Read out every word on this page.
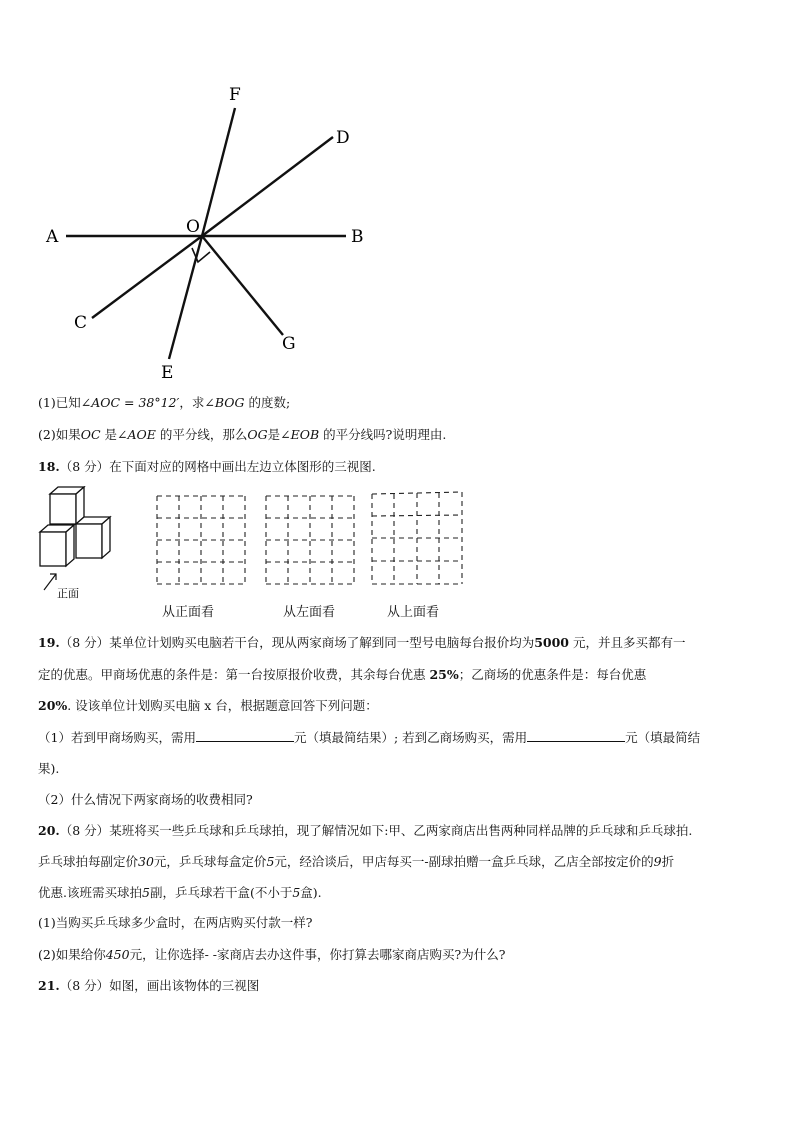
F
D
A	O	B
C
G
E
(1)已知∠AOC = 38°12′，求∠BOG 的度数;
(2)如果OC 是∠AOE 的平分线，那么OG是∠EOB 的平分线吗?说明理由.
18.（8 分）在下面对应的网格中画出左边立体图形的三视图.
正面
从正面看	从左面看	从上面看
19.（8 分）某单位计划购买电脑若干台，现从两家商场了解到同一型号电脑每台报价均为5000 元，并且多买都有一
定的优惠。甲商场优惠的条件是：第一台按原报价收费，其余每台优惠 25%；乙商场的优惠条件是：每台优惠
20%. 设该单位计划购买电脑 x 台，根据题意回答下列问题：
（1）若到甲商场购买，需用	元（填最简结果）; 若到乙商场购买，需用	元（填最简结
果).
（2）什么情况下两家商场的收费相同?
20.（8 分）某班将买一些乒乓球和乒乓球拍，现了解情况如下:甲、乙两家商店出售两种同样品牌的乒乓球和乒乓球拍.
乒乓球拍每副定价30元，乒乓球每盒定价5元，经洽谈后，甲店每买一-副球拍赠一盒乒乓球，乙店全部按定价的9折
优惠.该班需买球拍5副，乒乓球若干盒(不小于5盒).
(1)当购买乒乓球多少盒时，在两店购买付款一样?
(2)如果给你450元，让你选择- -家商店去办这件事，你打算去哪家商店购买?为什么?
21.（8 分）如图，画出该物体的三视图
